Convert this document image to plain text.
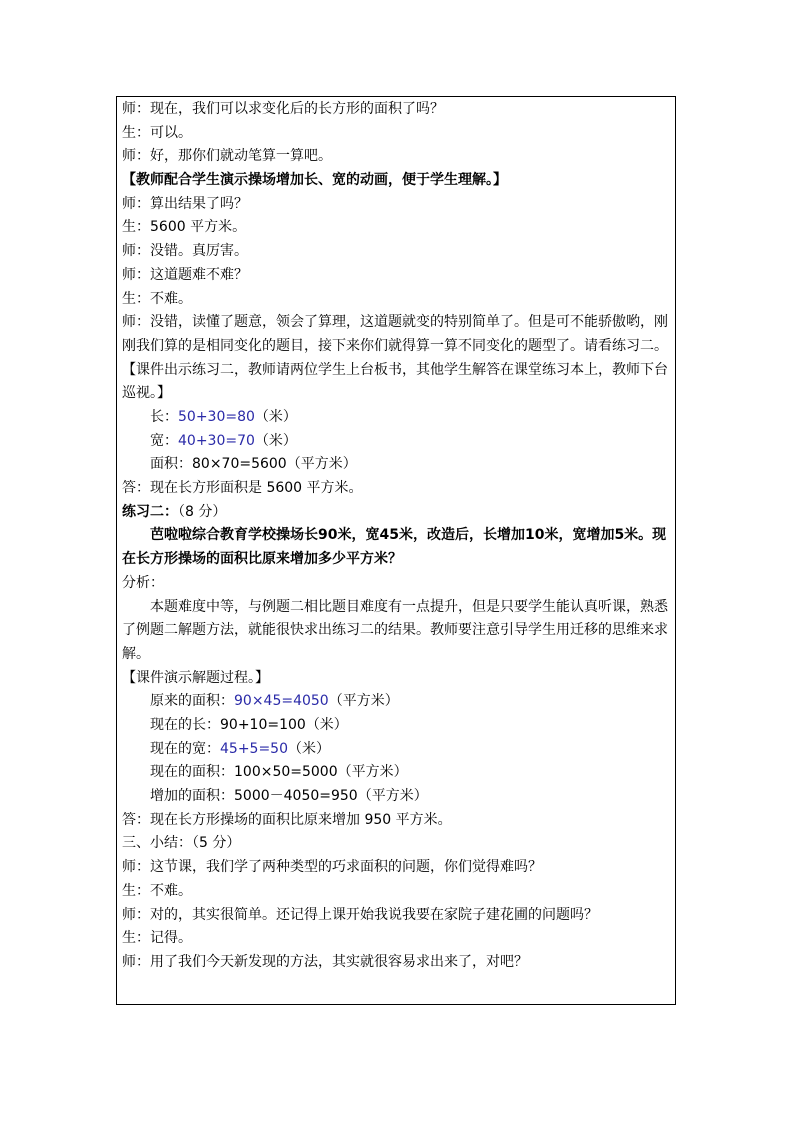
师：现在，我们可以求变化后的长方形的面积了吗？
生：可以。
师：好，那你们就动笔算一算吧。
【教师配合学生演示操场增加长、宽的动画，便于学生理解。】
师：算出结果了吗？
生：5600 平方米。
师：没错。真厉害。
师：这道题难不难？
生：不难。
师：没错，读懂了题意，领会了算理，这道题就变的特别简单了。但是可不能骄傲哟，刚刚我们算的是相同变化的题目，接下来你们就得算一算不同变化的题型了。请看练习二。
【课件出示练习二，教师请两位学生上台板书，其他学生解答在课堂练习本上，教师下台巡视。】
长：50+30=80（米）
宽：40+30=70（米）
面积：80×70=5600（平方米）
答：现在长方形面积是 5600 平方米。
练习二：（8 分）
芭啦啦综合教育学校操场长90米，宽45米，改造后，长增加10米，宽增加5米。现在长方形操场的面积比原来增加多少平方米？
分析：
本题难度中等，与例题二相比题目难度有一点提升，但是只要学生能认真听课，熟悉了例题二解题方法，就能很快求出练习二的结果。教师要注意引导学生用迁移的思维来求解。
【课件演示解题过程。】
原来的面积：90×45=4050（平方米）
现在的长：90+10=100（米）
现在的宽：45+5=50（米）
现在的面积：100×50=5000（平方米）
增加的面积：5000－4050=950（平方米）
答：现在长方形操场的面积比原来增加 950 平方米。
三、小结：（5 分）
师：这节课，我们学了两种类型的巧求面积的问题，你们觉得难吗？
生：不难。
师：对的，其实很简单。还记得上课开始我说我要在家院子建花圃的问题吗？
生：记得。
师：用了我们今天新发现的方法，其实就很容易求出来了，对吧？
